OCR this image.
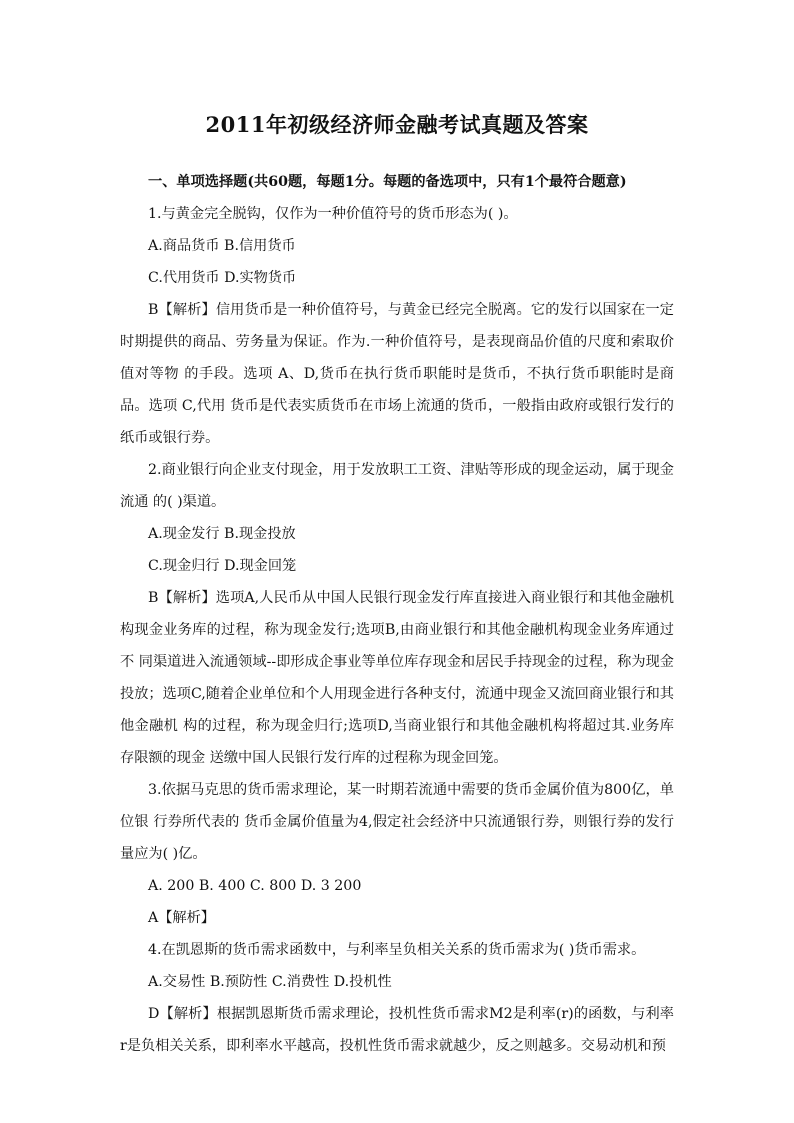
2011年初级经济师金融考试真题及答案

一、单项选择题(共60题，每题1分。每题的备选项中，只有1个最符合题意)

1.与黄金完全脱钩，仅作为一种价值符号的货币形态为( )。

A.商品货币 B.信用货币

C.代用货币 D.实物货币

B【解析】信用货币是一种价值符号，与黄金已经完全脱离。它的发行以国家在一定时期提供的商品、劳务量为保证。作为.一种价值符号，是表现商品价值的尺度和索取价值对等物 的手段。选项 A、D,货币在执行货币职能时是货币，不执行货币职能时是商品。选项 C,代用 货币是代表实质货币在市场上流通的货币，一般指由政府或银行发行的纸币或银行券。

2.商业银行向企业支付现金，用于发放职工工资、津贴等形成的现金运动，属于现金流通 的( )渠道。

A.现金发行 B.现金投放

C.现金归行 D.现金回笼

B【解析】选项A,人民币从中国人民银行现金发行库直接进入商业银行和其他金融机构现金业务库的过程，称为现金发行;选项B,由商业银行和其他金融机构现金业务库通过不 同渠道进入流通领域--即形成企事业等单位库存现金和居民手持现金的过程，称为现金投放；选项C,随着企业单位和个人用现金进行各种支付，流通中现金又流回商业银行和其他金融机 构的过程，称为现金归行;选项D,当商业银行和其他金融机构将超过其.业务库存限额的现金 送缴中国人民银行发行库的过程称为现金回笼。

3.依据马克思的货币需求理论，某一时期若流通中需要的货币金属价值为800亿，单位银 行券所代表的 货币金属价值量为4,假定社会经济中只流通银行券，则银行券的发行量应为( )亿。

A. 200 B. 400 C. 800 D. 3 200

A【解析】

4.在凯恩斯的货币需求函数中，与利率呈负相关关系的货币需求为( )货币需求。

A.交易性 B.预防性 C.消费性 D.投机性

D【解析】根据凯恩斯货币需求理论，投机性货币需求M2是利率(r)的函数，与利率r是负相关关系，即利率水平越高，投机性货币需求就越少，反之则越多。交易动机和预
